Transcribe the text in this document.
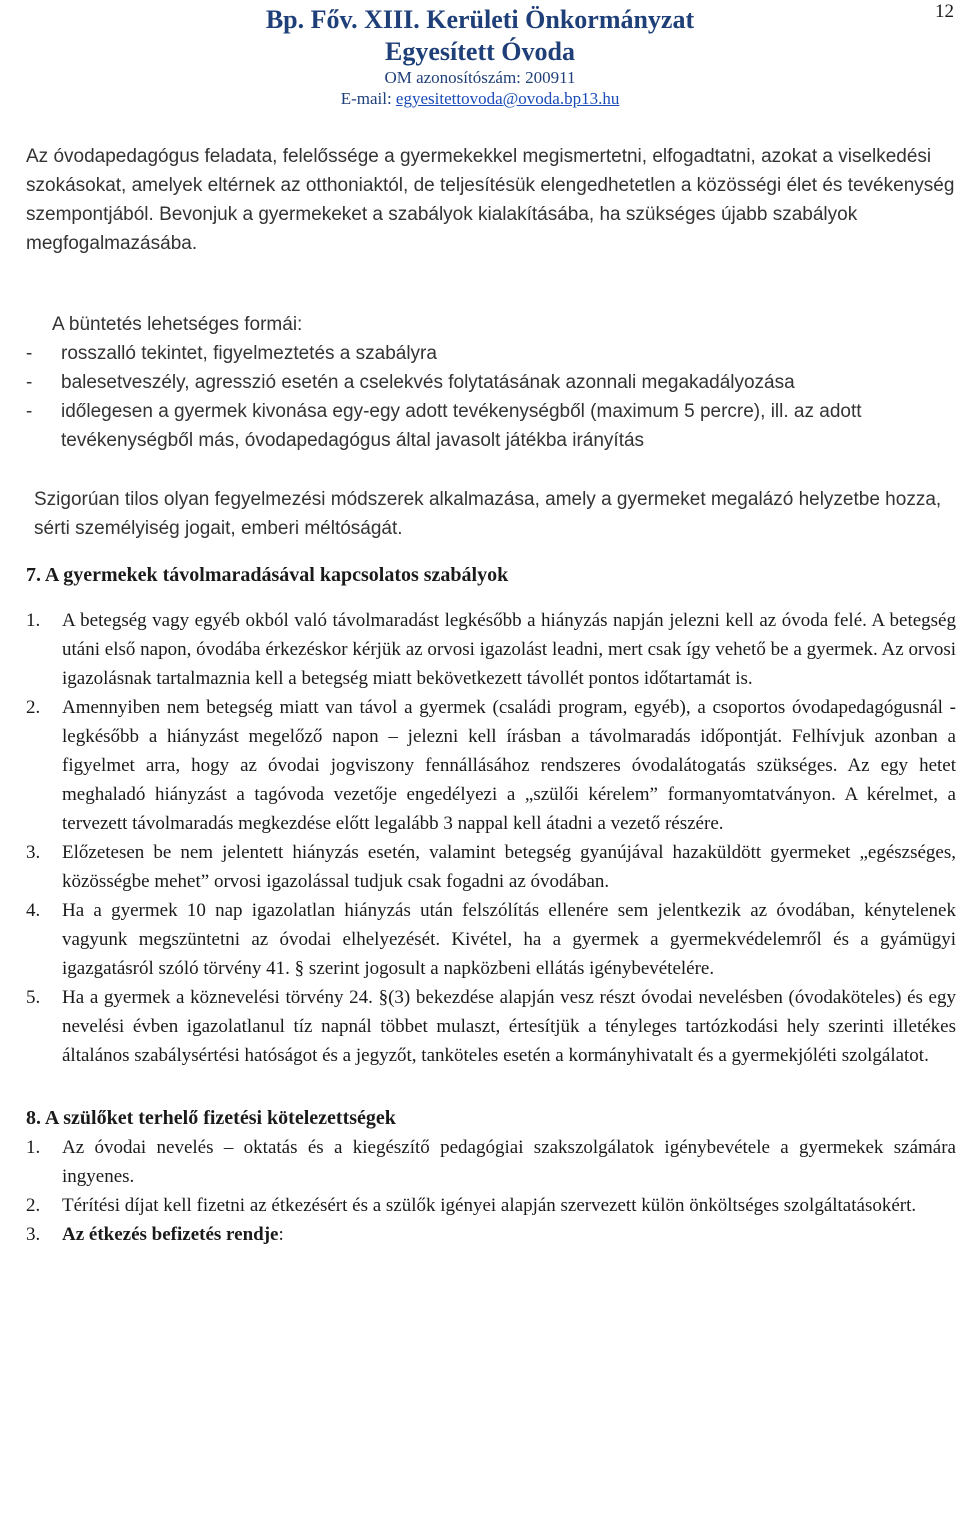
12
Bp. Főv. XIII. Kerületi Önkormányzat
Egyesített Óvoda
OM azonosítószám: 200911
E-mail: egyesitettovoda@ovoda.bp13.hu

Az óvodapedagógus feladata, felelőssége a gyermekekkel megismertetni, elfogadtatni, azokat a viselkedési szokásokat, amelyek eltérnek az otthoniaktól, de teljesítésük elengedhetetlen a közösségi élet és tevékenység szempontjából. Bevonjuk a gyermekeket a szabályok kialakításába, ha szükséges újabb szabályok megfogalmazásába.

A büntetés lehetséges formái:

-	rosszalló tekintet, figyelmeztetés a szabályra
-	balesetveszély, agresszió esetén a cselekvés folytatásának azonnali megakadályozása
-	időlegesen a gyermek kivonása egy-egy adott tevékenységből (maximum 5 percre), ill. az adott tevékenységből más, óvodapedagógus által javasolt játékba irányítás

Szigorúan tilos olyan fegyelmezési módszerek alkalmazása, amely a gyermeket megalázó helyzetbe hozza, sérti személyiség jogait, emberi méltóságát.

7. A gyermekek távolmaradásával kapcsolatos szabályok
1.	A betegség vagy egyéb okból való távolmaradást legkésőbb a hiányzás napján jelezni kell az óvoda felé. A betegség utáni első napon, óvodába érkezéskor kérjük az orvosi igazolást leadni, mert csak így vehető be a gyermek. Az orvosi igazolásnak tartalmaznia kell a betegség miatt bekövetkezett távollét pontos időtartamát is.
2.	Amennyiben nem betegség miatt van távol a gyermek (családi program, egyéb), a csoportos óvodapedagógusnál - legkésőbb a hiányzást megelőző napon – jelezni kell írásban a távolmaradás időpontját. Felhívjuk azonban a figyelmet arra, hogy az óvodai jogviszony fennállásához rendszeres óvodalátogatás szükséges. Az egy hetet meghaladó hiányzást a tagóvoda vezetője engedélyezi a „szülői kérelem” formanyomtatványon. A kérelmet, a tervezett távolmaradás megkezdése előtt legalább 3 nappal kell átadni a vezető részére.
3.	Előzetesen be nem jelentett hiányzás esetén, valamint betegség gyanújával hazaküldött gyermeket „egészséges, közösségbe mehet” orvosi igazolással tudjuk csak fogadni az óvodában.
4.	Ha a gyermek 10 nap igazolatlan hiányzás után felszólítás ellenére sem jelentkezik az óvodában, kénytelenek vagyunk megszüntetni az óvodai elhelyezését. Kivétel, ha a gyermek a gyermekvédelemről és a gyámügyi igazgatásról szóló törvény 41. § szerint jogosult a napközbeni ellátás igénybevételére.
5.	Ha a gyermek a köznevelési törvény 24. §(3) bekezdése alapján vesz részt óvodai nevelésben (óvodaköteles) és egy nevelési évben igazolatlanul tíz napnál többet mulaszt, értesítjük a tényleges tartózkodási hely szerinti illetékes általános szabálysértési hatóságot és a jegyzőt, tanköteles esetén a kormányhivatalt és a gyermekjóléti szolgálatot.
8. A szülőket terhelő fizetési kötelezettségek
1.	Az óvodai nevelés – oktatás és a kiegészítő pedagógiai szakszolgálatok igénybevétele a gyermekek számára ingyenes.
2.	Térítési díjat kell fizetni az étkezésért és a szülők igényei alapján szervezett külön önköltséges szolgáltatásokért.
3.	Az étkezés befizetés rendje:
